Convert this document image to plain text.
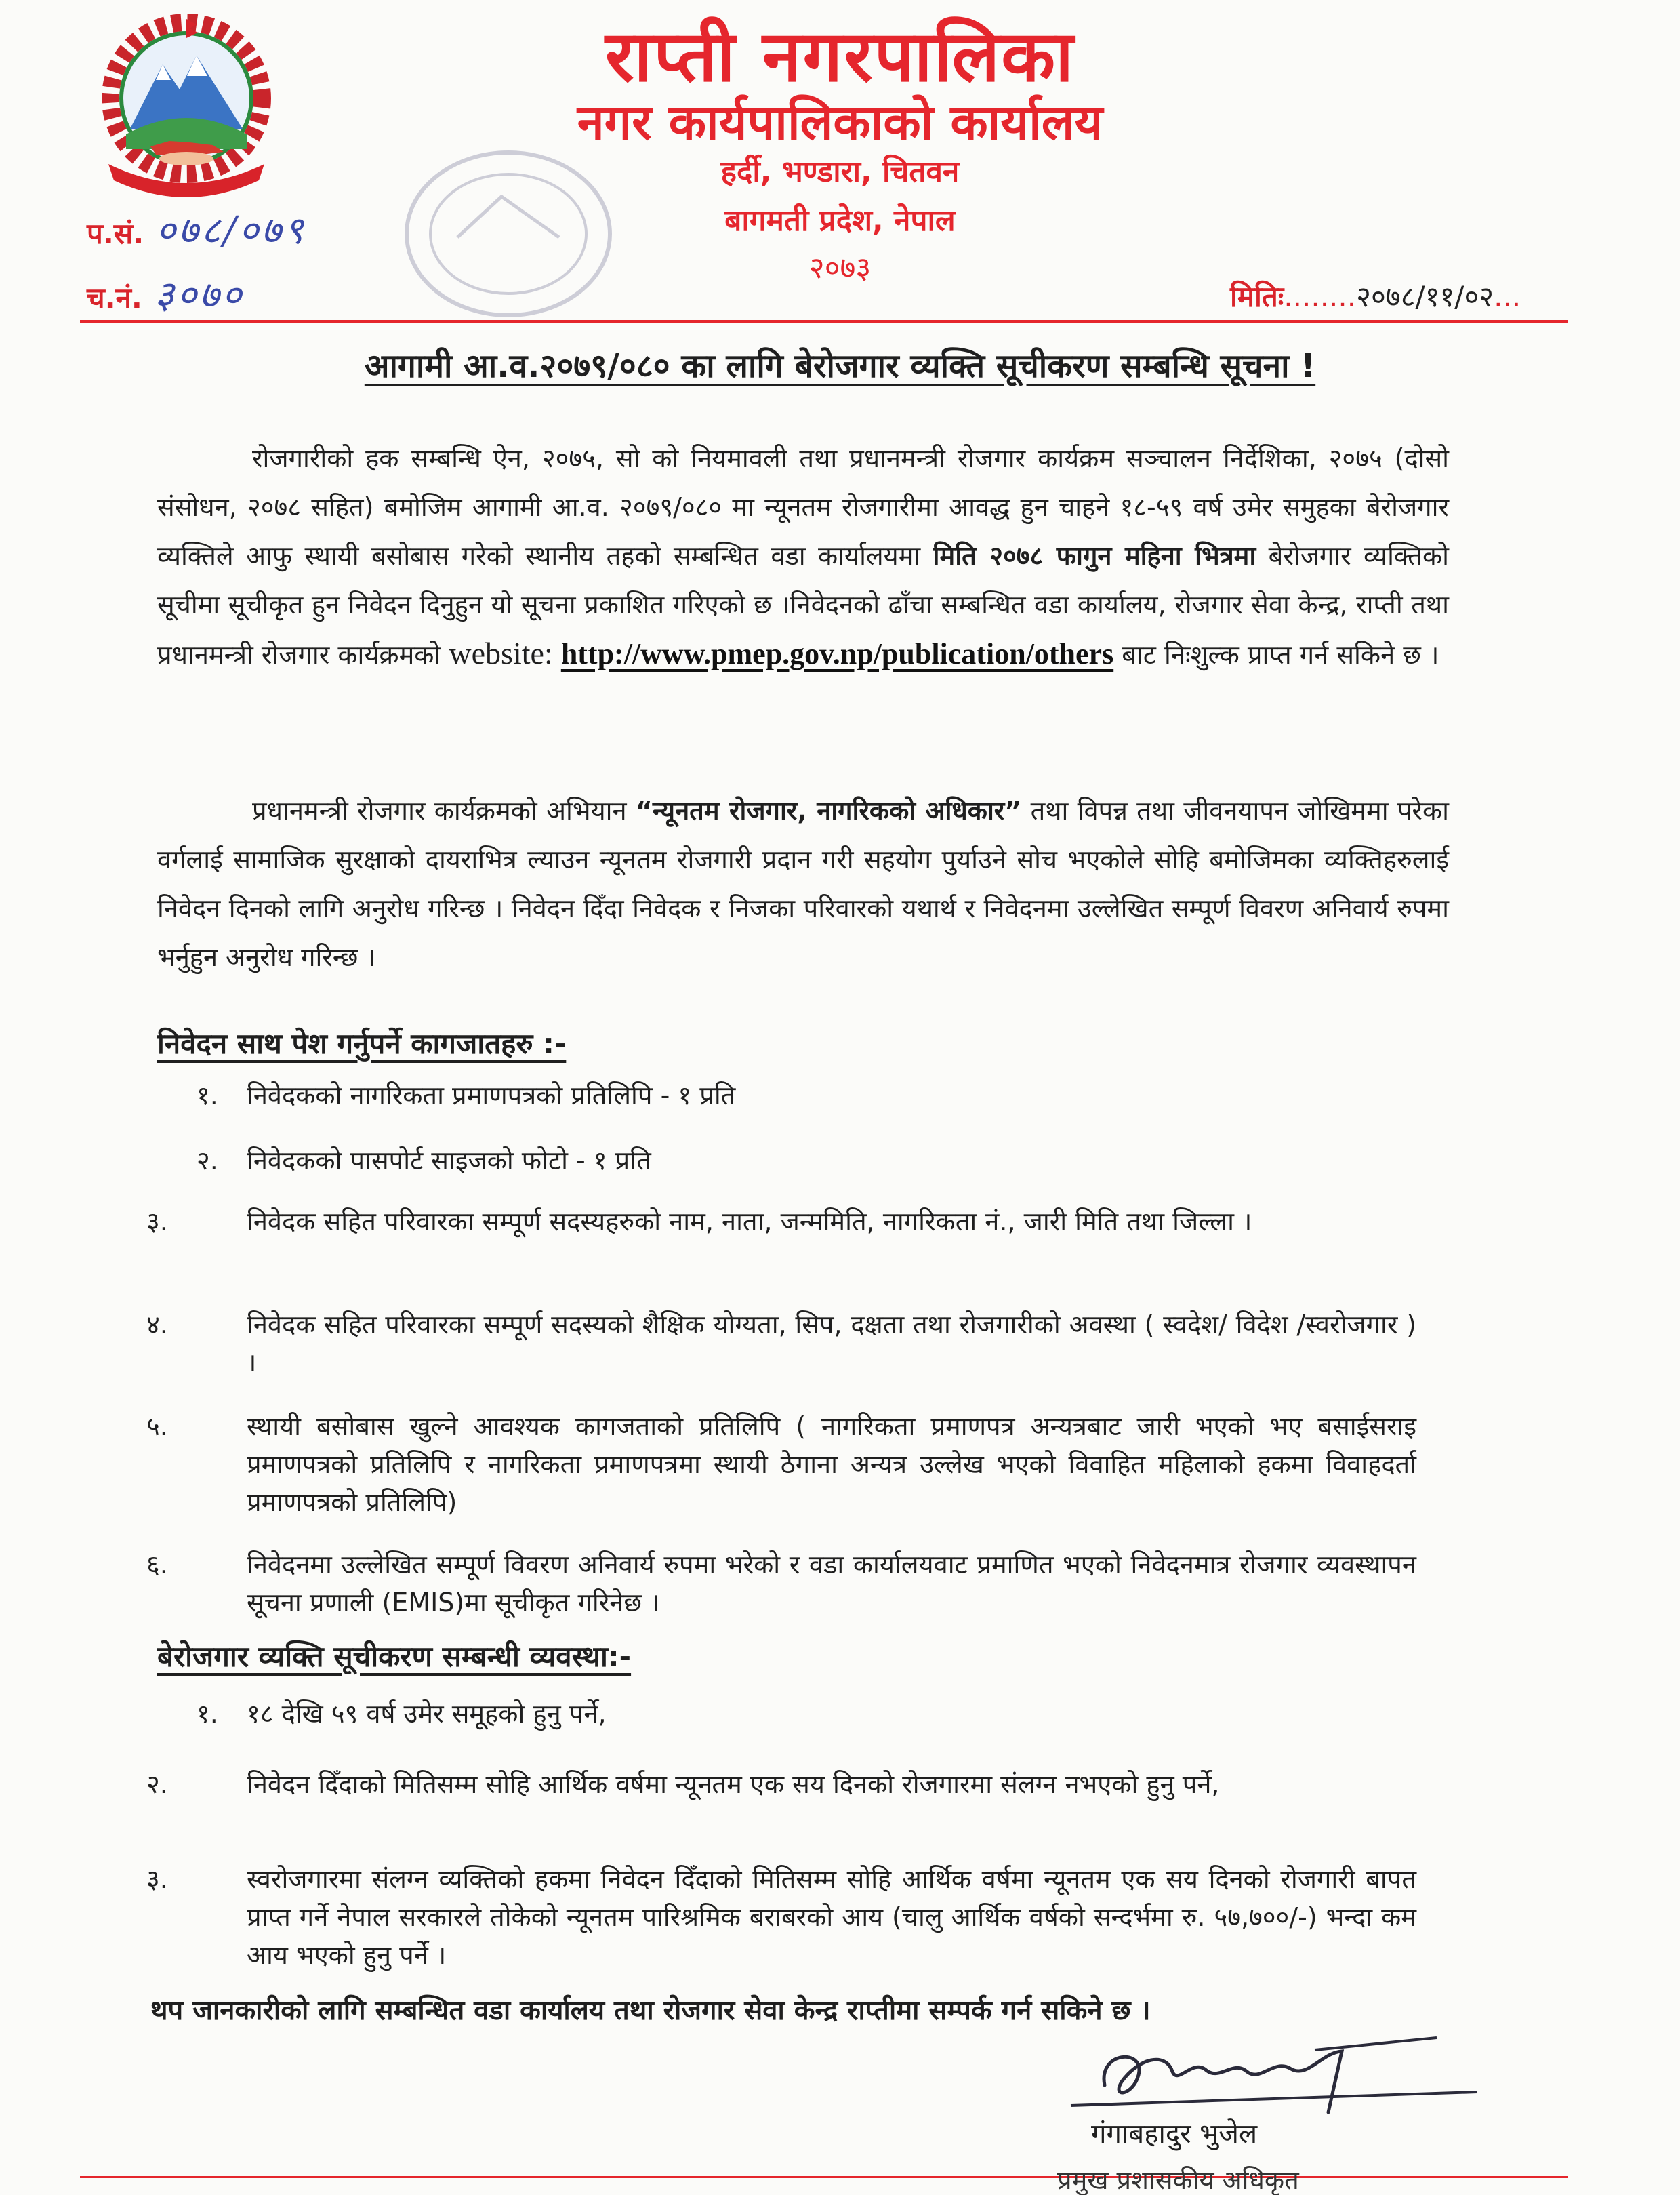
राप्ती नगरपालिका
नगर कार्यपालिकाको कार्यालय
हर्दी, भण्डारा, चितवन
बागमती प्रदेश, नेपाल
२०७३
प.सं. ०७८/०७९
च.नं. ३०७०	मितिः........२०७८/११/०२...
आगामी आ.व.२०७९/०८० का लागि बेरोजगार व्यक्ति सूचीकरण सम्बन्धि सूचना !
रोजगारीको हक सम्बन्धि ऐन, २०७५, सो को नियमावली तथा प्रधानमन्त्री रोजगार कार्यक्रम सञ्चालन निर्देशिका, २०७५ (दोसो संसोधन, २०७८ सहित) बमोजिम आगामी आ.व. २०७९/०८० मा न्यूनतम रोजगारीमा आवद्ध हुन चाहने १८-५९ वर्ष उमेर समुहका बेरोजगार व्यक्तिले आफु स्थायी बसोबास गरेको स्थानीय तहको सम्बन्धित वडा कार्यालयमा मिति २०७८ फागुन महिना भित्रमा बेरोजगार व्यक्तिको सूचीमा सूचीकृत हुन निवेदन दिनुहुन यो सूचना प्रकाशित गरिएको छ ।निवेदनको ढाँचा सम्बन्धित वडा कार्यालय, रोजगार सेवा केन्द्र, राप्ती तथा प्रधानमन्त्री रोजगार कार्यक्रमको website: http://www.pmep.gov.np/publication/others बाट निःशुल्क प्राप्त गर्न सकिने छ ।
प्रधानमन्त्री रोजगार कार्यक्रमको अभियान “न्यूनतम रोजगार, नागरिकको अधिकार” तथा विपन्न तथा जीवनयापन जोखिममा परेका वर्गलाई सामाजिक सुरक्षाको दायराभित्र ल्याउन न्यूनतम रोजगारी प्रदान गरी सहयोग पुर्याउने सोच भएकोले सोहि बमोजिमका व्यक्तिहरुलाई निवेदन दिनको लागि अनुरोध गरिन्छ । निवेदन दिँदा निवेदक र निजका परिवारको यथार्थ र निवेदनमा उल्लेखित सम्पूर्ण विवरण अनिवार्य रुपमा भर्नुहुन अनुरोध गरिन्छ ।
निवेदन साथ पेश गर्नुपर्ने कागजातहरु :-
१. निवेदकको नागरिकता प्रमाणपत्रको प्रतिलिपि - १ प्रति
२. निवेदकको पासपोर्ट साइजको फोटो - १ प्रति
३.	निवेदक सहित परिवारका सम्पूर्ण सदस्यहरुको नाम, नाता, जन्ममिति, नागरिकता नं., जारी मिति तथा जिल्ला ।
४.	निवेदक सहित परिवारका सम्पूर्ण सदस्यको शैक्षिक योग्यता, सिप, दक्षता तथा रोजगारीको अवस्था ( स्वदेश/ विदेश /स्वरोजगार ) ।
५.	स्थायी बसोबास खुल्ने आवश्यक कागजताको प्रतिलिपि ( नागरिकता प्रमाणपत्र अन्यत्रबाट जारी भएको भए बसाईसराइ प्रमाणपत्रको प्रतिलिपि र नागरिकता प्रमाणपत्रमा स्थायी ठेगाना अन्यत्र उल्लेख भएको विवाहित महिलाको हकमा विवाहदर्ता प्रमाणपत्रको प्रतिलिपि)
६.	निवेदनमा उल्लेखित सम्पूर्ण विवरण अनिवार्य रुपमा भरेको र वडा कार्यालयवाट प्रमाणित भएको निवेदनमात्र रोजगार व्यवस्थापन सूचना प्रणाली (EMIS)मा सूचीकृत गरिनेछ ।
बेरोजगार व्यक्ति सूचीकरण सम्बन्धी व्यवस्था:-
१. १८ देखि ५९ वर्ष उमेर समूहको हुनु पर्ने,
२.	निवेदन दिँदाको मितिसम्म सोहि आर्थिक वर्षमा न्यूनतम एक सय दिनको रोजगारमा संलग्न नभएको हुनु पर्ने,
३.	स्वरोजगारमा संलग्न व्यक्तिको हकमा निवेदन दिँदाको मितिसम्म सोहि आर्थिक वर्षमा न्यूनतम एक सय दिनको रोजगारी बापत प्राप्त गर्ने नेपाल सरकारले तोकेको न्यूनतम पारिश्रमिक बराबरको आय (चालु आर्थिक वर्षको सन्दर्भमा रु. ५७,७००/-) भन्दा कम आय भएको हुनु पर्ने ।
थप जानकारीको लागि सम्बन्धित वडा कार्यालय तथा रोजगार सेवा केन्द्र राप्तीमा सम्पर्क गर्न सकिने छ ।
गंगाबहादुर भुजेल
प्रमुख प्रशासकीय अधिकृत
